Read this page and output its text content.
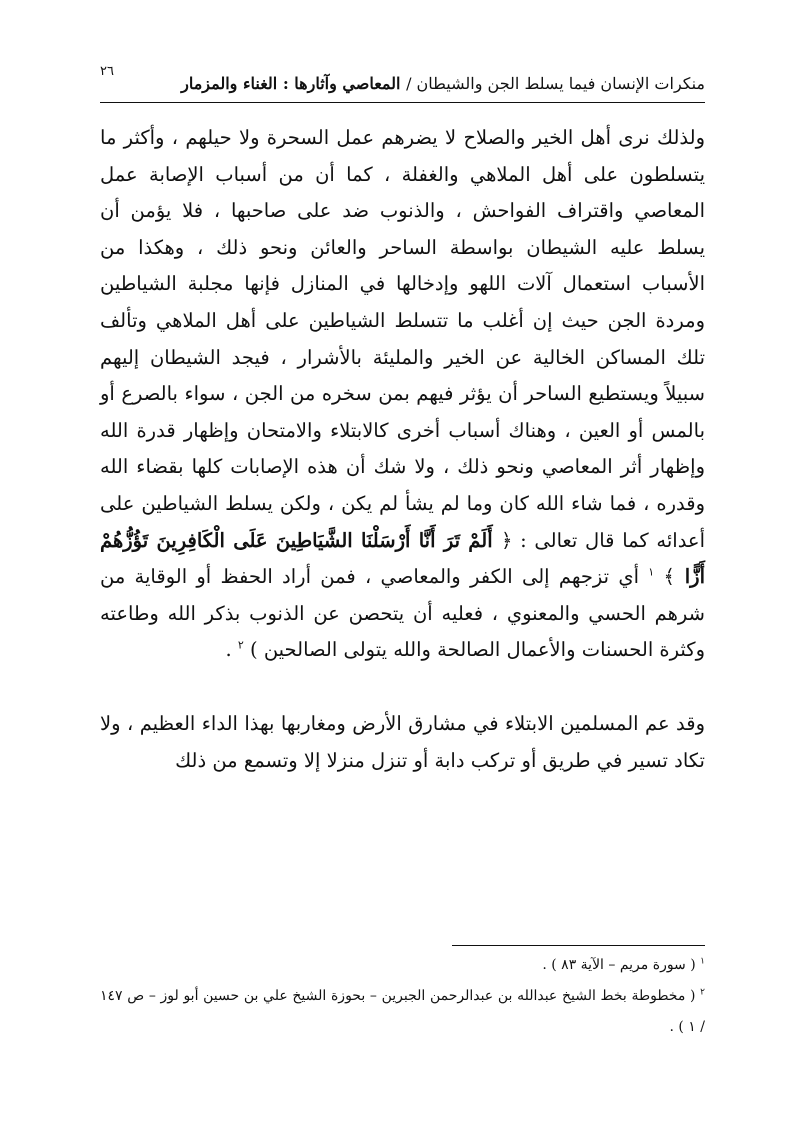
٢٦
منكرات الإنسان فيما يسلط الجن والشيطان / المعاصي وآثارها : الغناء والمزمار

ولذلك نرى أهل الخير والصلاح لا يضرهم عمل السحرة ولا حيلهم ، وأكثر ما يتسلطون على أهل الملاهي والغفلة ، كما أن من أسباب الإصابة عمل المعاصي واقتراف الفواحش ، والذنوب ضد على صاحبها ، فلا يؤمن أن يسلط عليه الشيطان بواسطة الساحر والعائن ونحو ذلك ، وهكذا من الأسباب استعمال آلات اللهو وإدخالها في المنازل فإنها مجلبة الشياطين ومردة الجن حيث إن أغلب ما تتسلط الشياطين على أهل الملاهي وتألف تلك المساكن الخالية عن الخير والمليئة بالأشرار ، فيجد الشيطان إليهم سبيلاً ويستطيع الساحر أن يؤثر فيهم بمن سخره من الجن ، سواء بالصرع أو بالمس أو العين ، وهناك أسباب أخرى كالابتلاء والامتحان وإظهار قدرة الله وإظهار أثر المعاصي ونحو ذلك ، ولا شك أن هذه الإصابات كلها بقضاء الله وقدره ، فما شاء الله كان وما لم يشأ لم يكن ، ولكن يسلط الشياطين على أعدائه كما قال تعالى : ﴿ أَلَمْ تَرَ أَنَّا أَرْسَلْنَا الشَّيَاطِينَ عَلَى الْكَافِرِينَ تَؤُزُّهُمْ أَزًّا ﴾ $^١$ أي تزجهم إلى الكفر والمعاصي ، فمن أراد الحفظ أو الوقاية من شرهم الحسي والمعنوي ، فعليه أن يتحصن عن الذنوب بذكر الله وطاعته وكثرة الحسنات والأعمال الصالحة والله يتولى الصالحين ) $^٢$ .

وقد عم المسلمين الابتلاء في مشارق الأرض ومغاربها بهذا الداء العظيم ، ولا تكاد تسير في طريق أو تركب دابة أو تنزل منزلا إلا وتسمع من ذلك

$^١$ ( سورة مريم – الآية ٨٣ ) .

$^٢$ ( مخطوطة بخط الشيخ عبدالله بن عبدالرحمن الجبرين – بحوزة الشيخ علي بن حسين أبو لوز – ص ١٤٧ / ١ ) .
